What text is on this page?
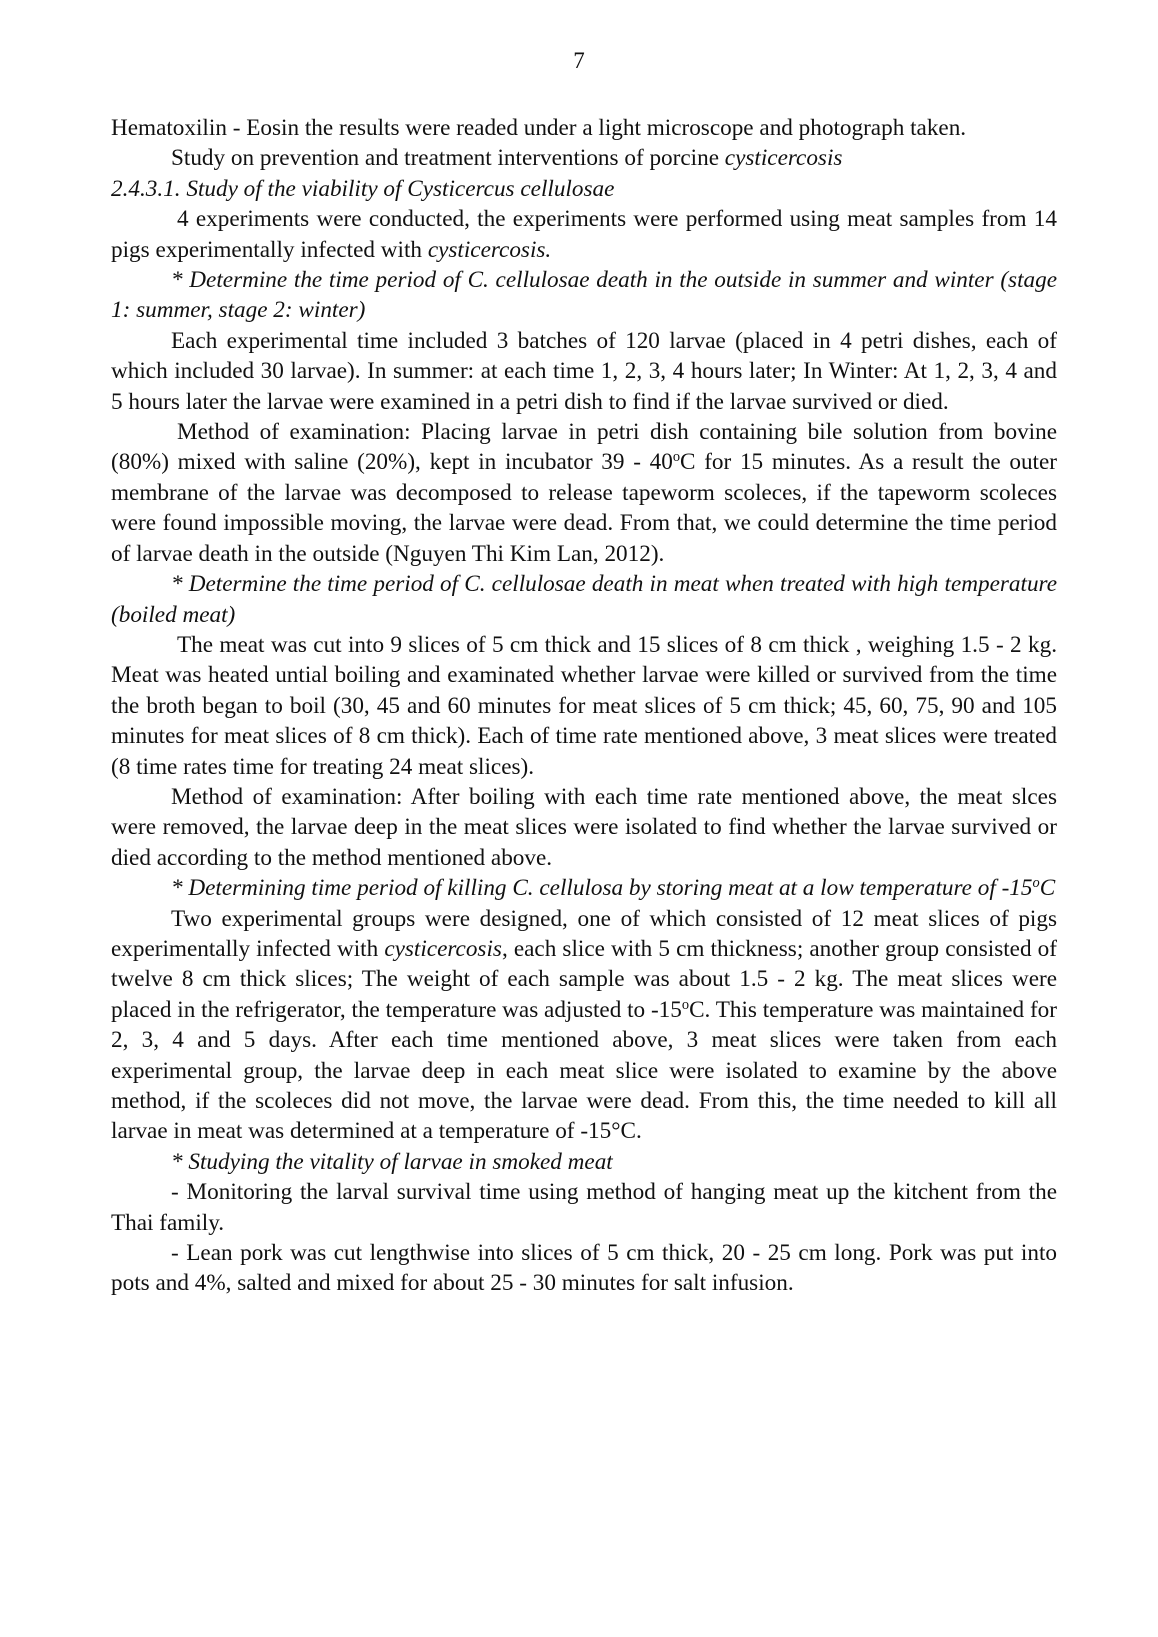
7

Hematoxilin - Eosin the results were readed under a light microscope and photograph taken.

Study on prevention and treatment interventions of porcine cysticercosis

2.4.3.1. Study of the viability of Cysticercus cellulosae

4 experiments were conducted, the experiments were performed using meat samples from 14 pigs experimentally infected with cysticercosis.

* Determine the time period of C. cellulosae death in the outside in summer and winter (stage 1: summer, stage 2: winter)

Each experimental time included 3 batches of 120 larvae (placed in 4 petri dishes, each of which included 30 larvae). In summer: at each time 1, 2, 3, 4 hours later; In Winter: At 1, 2, 3, 4 and 5 hours later the larvae were examined in a petri dish to find if the larvae survived or died.

Method of examination: Placing larvae in petri dish containing bile solution from bovine (80%) mixed with saline (20%), kept in incubator 39 - 40$^o$C for 15 minutes. As a result the outer membrane of the larvae was decomposed to release tapeworm scoleces, if the tapeworm scoleces were found impossible moving, the larvae were dead. From that, we could determine the time period of larvae death in the outside (Nguyen Thi Kim Lan, 2012).

* Determine the time period of C. cellulosae death in meat when treated with high temperature (boiled meat)

The meat was cut into 9 slices of 5 cm thick and 15 slices of 8 cm thick , weighing 1.5 - 2 kg. Meat was heated untial boiling and examinated whether larvae were killed or survived from the time the broth began to boil (30, 45 and 60 minutes for meat slices of 5 cm thick; 45, 60, 75, 90 and 105 minutes for meat slices of 8 cm thick). Each of time rate mentioned above, 3 meat slices were treated (8 time rates time for treating 24 meat slices).

Method of examination: After boiling with each time rate mentioned above, the meat slces were removed, the larvae deep in the meat slices were isolated to find whether the larvae survived or died according to the method mentioned above.

* Determining time period of killing C. cellulosa by storing meat at a low temperature of -15$^o$C

Two experimental groups were designed, one of which consisted of 12 meat slices of pigs experimentally infected with cysticercosis, each slice with 5 cm thickness; another group consisted of twelve 8 cm thick slices; The weight of each sample was about 1.5 - 2 kg. The meat slices were placed in the refrigerator, the temperature was adjusted to -15$^o$C. This temperature was maintained for 2, 3, 4 and 5 days. After each time mentioned above, 3 meat slices were taken from each experimental group, the larvae deep in each meat slice were isolated to examine by the above method, if the scoleces did not move, the larvae were dead. From this, the time needed to kill all larvae in meat was determined at a temperature of -15°C.

* Studying the vitality of larvae in smoked meat

- Monitoring the larval survival time using method of hanging meat up the kitchent from the Thai family.

- Lean pork was cut lengthwise into slices of 5 cm thick, 20 - 25 cm long. Pork was put into pots and 4%, salted and mixed for about 25 - 30 minutes for salt infusion.
